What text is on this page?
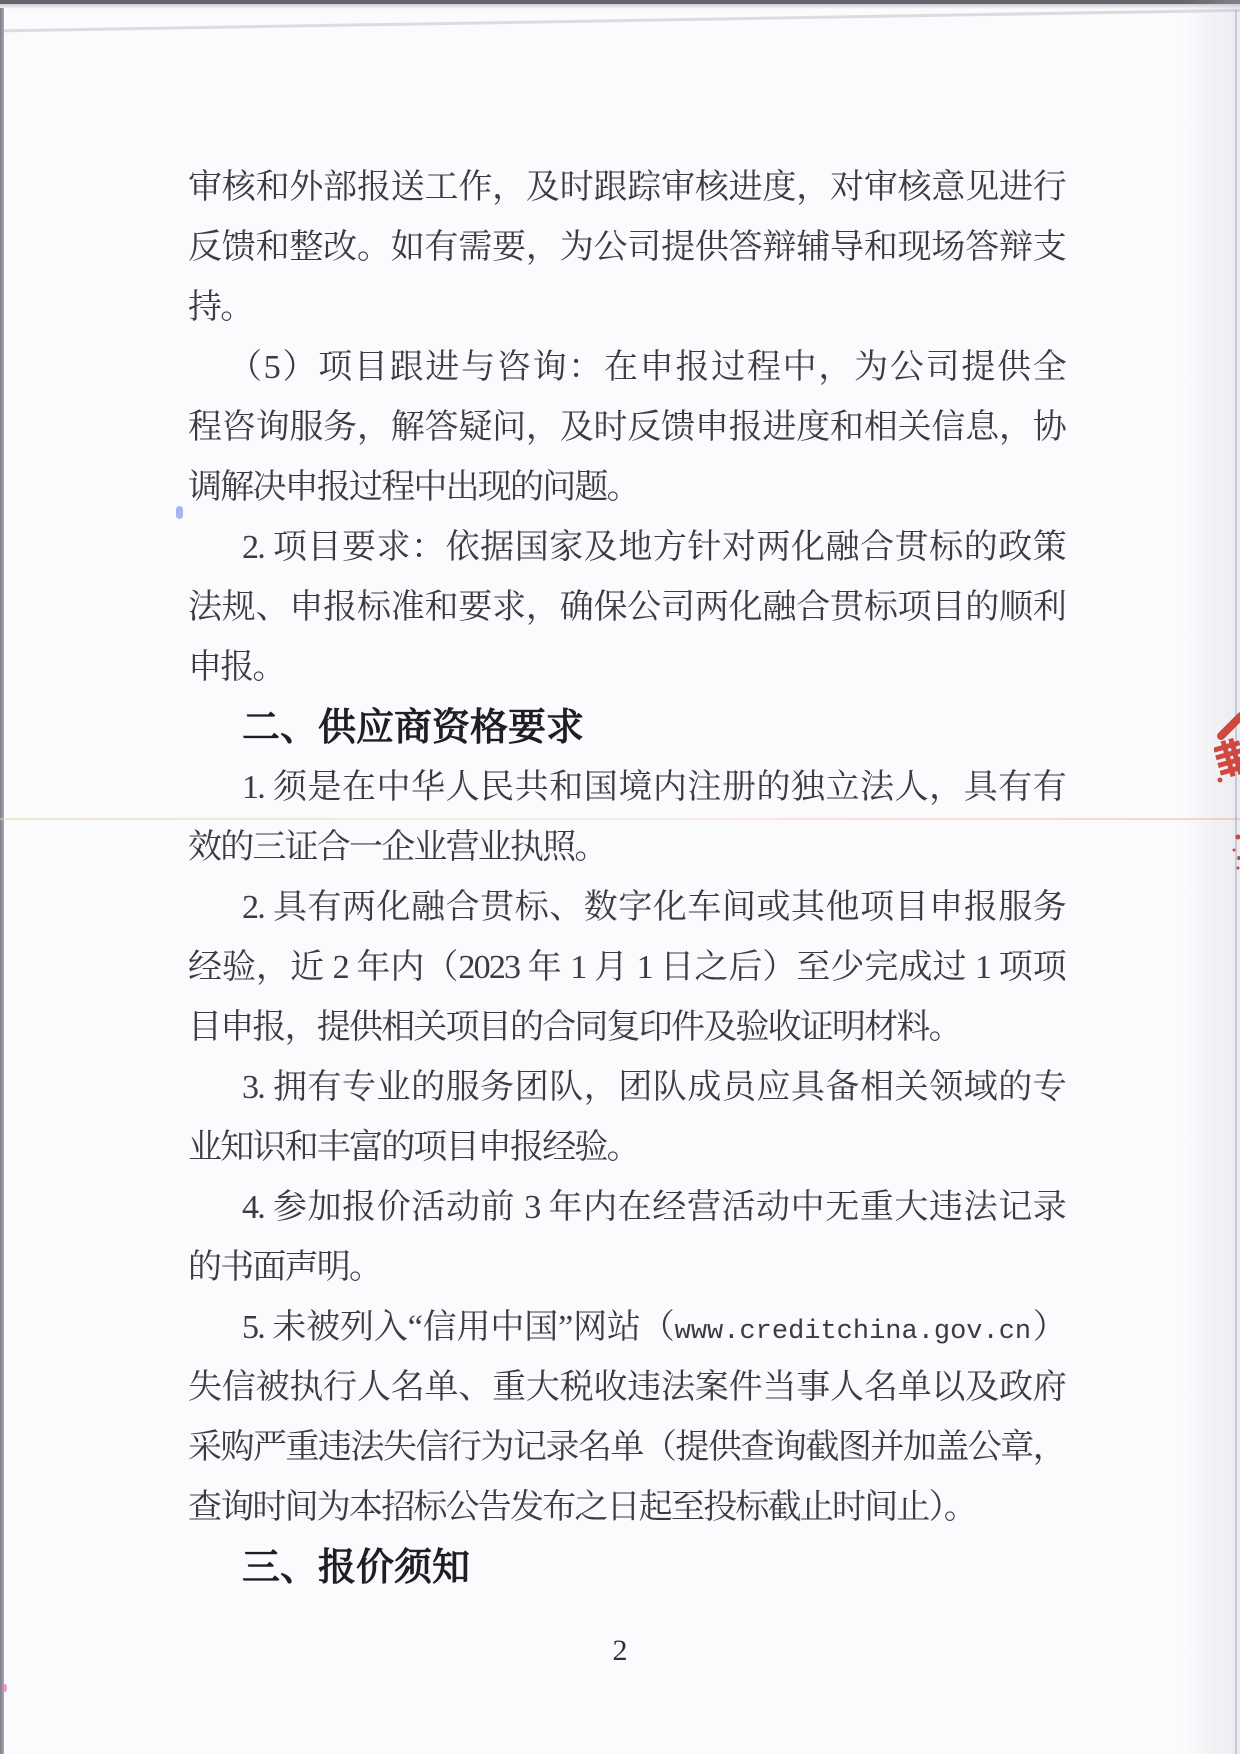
审核和外部报送工作，及时跟踪审核进度，对审核意见进行
反馈和整改。如有需要，为公司提供答辩辅导和现场答辩支
持。
（5）项目跟进与咨询：在申报过程中，为公司提供全
程咨询服务，解答疑问，及时反馈申报进度和相关信息，协
调解决申报过程中出现的问题。
2. 项目要求：依据国家及地方针对两化融合贯标的政策
法规、申报标准和要求，确保公司两化融合贯标项目的顺利
申报。
二、供应商资格要求
1. 须是在中华人民共和国境内注册的独立法人，具有有
效的三证合一企业营业执照。
2. 具有两化融合贯标、数字化车间或其他项目申报服务
经验，近 2 年内（2023 年 1 月 1 日之后）至少完成过 1 项项
目申报，提供相关项目的合同复印件及验收证明材料。
3. 拥有专业的服务团队，团队成员应具备相关领域的专
业知识和丰富的项目申报经验。
4. 参加报价活动前 3 年内在经营活动中无重大违法记录
的书面声明。
5. 未被列入“信用中国”网站（www.creditchina.gov.cn）
失信被执行人名单、重大税收违法案件当事人名单以及政府
采购严重违法失信行为记录名单（提供查询截图并加盖公章，
查询时间为本招标公告发布之日起至投标截止时间止）。
三、报价须知
2
